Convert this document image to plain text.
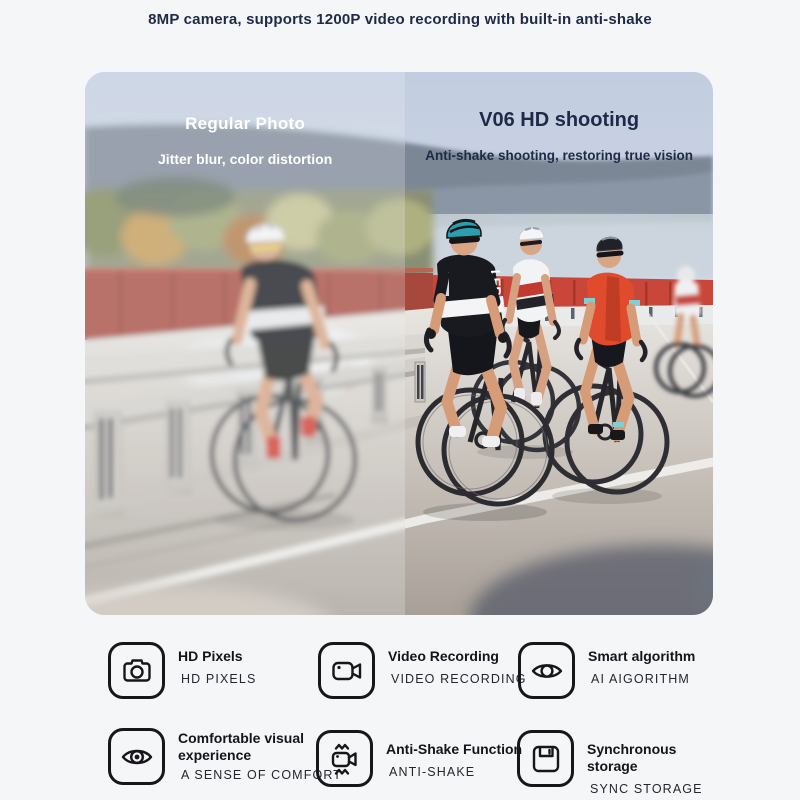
8MP camera, supports 1200P video recording with built-in anti-shake
Regular Photo
Jitter blur, color distortion
V06 HD shooting
Anti-shake shooting, restoring true vision
HD Pixels
HD PIXELS
Video Recording
VIDEO RECORDING
Smart algorithm
AI AIGORITHM
Comfortable visual experience
A SENSE OF COMFORT
Anti-Shake Function
ANTI-SHAKE
Synchronous storage
SYNC STORAGE
